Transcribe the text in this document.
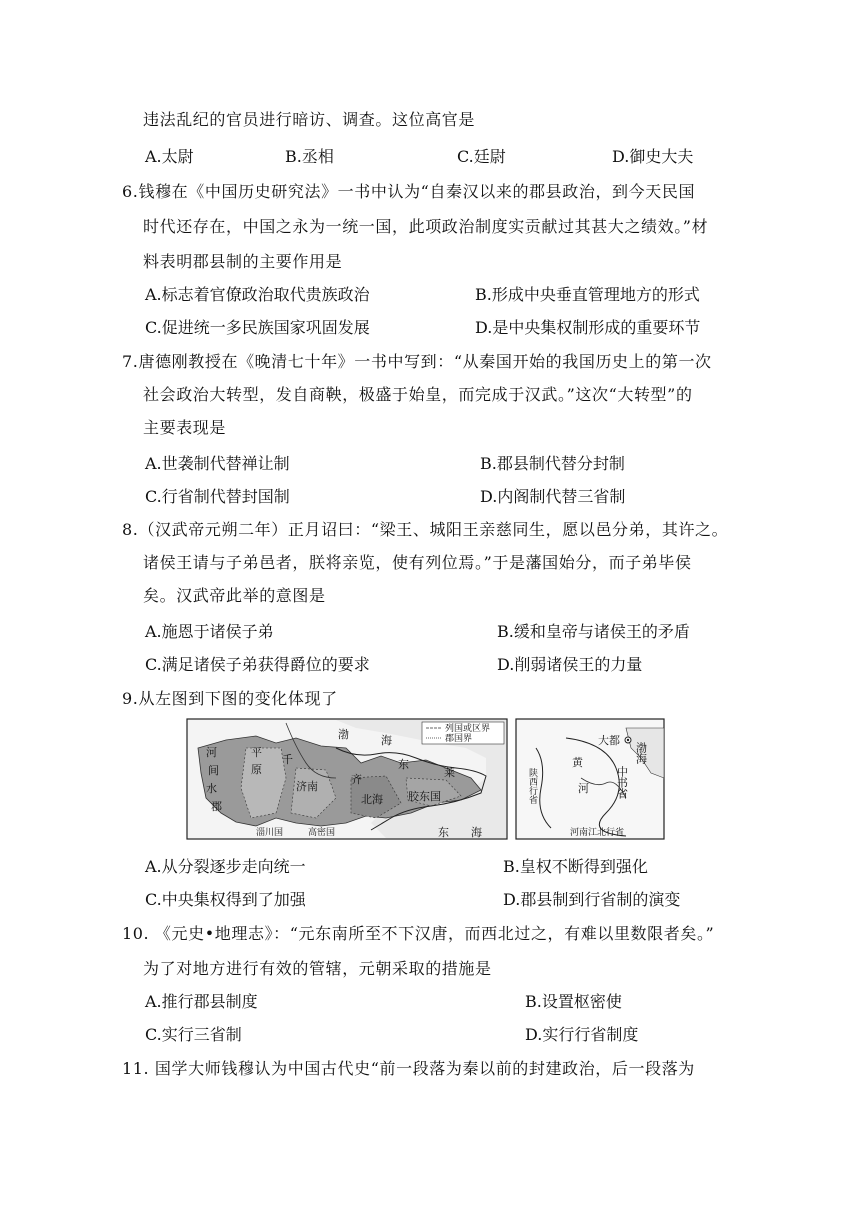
违法乱纪的官员进行暗访、调查。这位高官是
A.太尉	B.丞相	C.廷尉	D.御史大夫
6.钱穆在《中国历史研究法》一书中认为“自秦汉以来的郡县政治，到今天民国
时代还存在，中国之永为一统一国，此项政治制度实贡献过其甚大之绩效。”材
料表明郡县制的主要作用是
A.标志着官僚政治取代贵族政治	B.形成中央垂直管理地方的形式
C.促进统一多民族国家巩固发展	D.是中央集权制形成的重要环节
7.唐德刚教授在《晚清七十年》一书中写到：“从秦国开始的我国历史上的第一次
社会政治大转型，发自商鞅，极盛于始皇，而完成于汉武。”这次“大转型”的
主要表现是
A.世袭制代替禅让制	B.郡县制代替分封制
C.行省制代替封国制	D.内阁制代替三省制
8.（汉武帝元朔二年）正月诏曰：“梁王、城阳王亲慈同生，愿以邑分弟，其许之。
诸侯王请与子弟邑者，朕将亲览，使有列位焉。”于是藩国始分，而子弟毕侯
矣。汉武帝此举的意图是
A.施恩于诸侯子弟	B.缓和皇帝与诸侯王的矛盾
C.满足诸侯子弟获得爵位的要求	D.削弱诸侯王的力量
9.从左图到下图的变化体现了
列国或区界
郡国界
渤	海
东 海
河
间
水
郡
平
原
千
济南
齐
东
莱
北海 胶东国
淄川国	高密国
大都
中书省
渤海
黄
河
陕西行省
河南江北行省
A.从分裂逐步走向统一	B.皇权不断得到强化
C.中央集权得到了加强	D.郡县制到行省制的演变
10. 《元史•地理志》：“元东南所至不下汉唐，而西北过之，有难以里数限者矣。”
为了对地方进行有效的管辖，元朝采取的措施是
A.推行郡县制度	B.设置枢密使
C.实行三省制	D.实行行省制度
11. 国学大师钱穆认为中国古代史“前一段落为秦以前的封建政治，后一段落为
